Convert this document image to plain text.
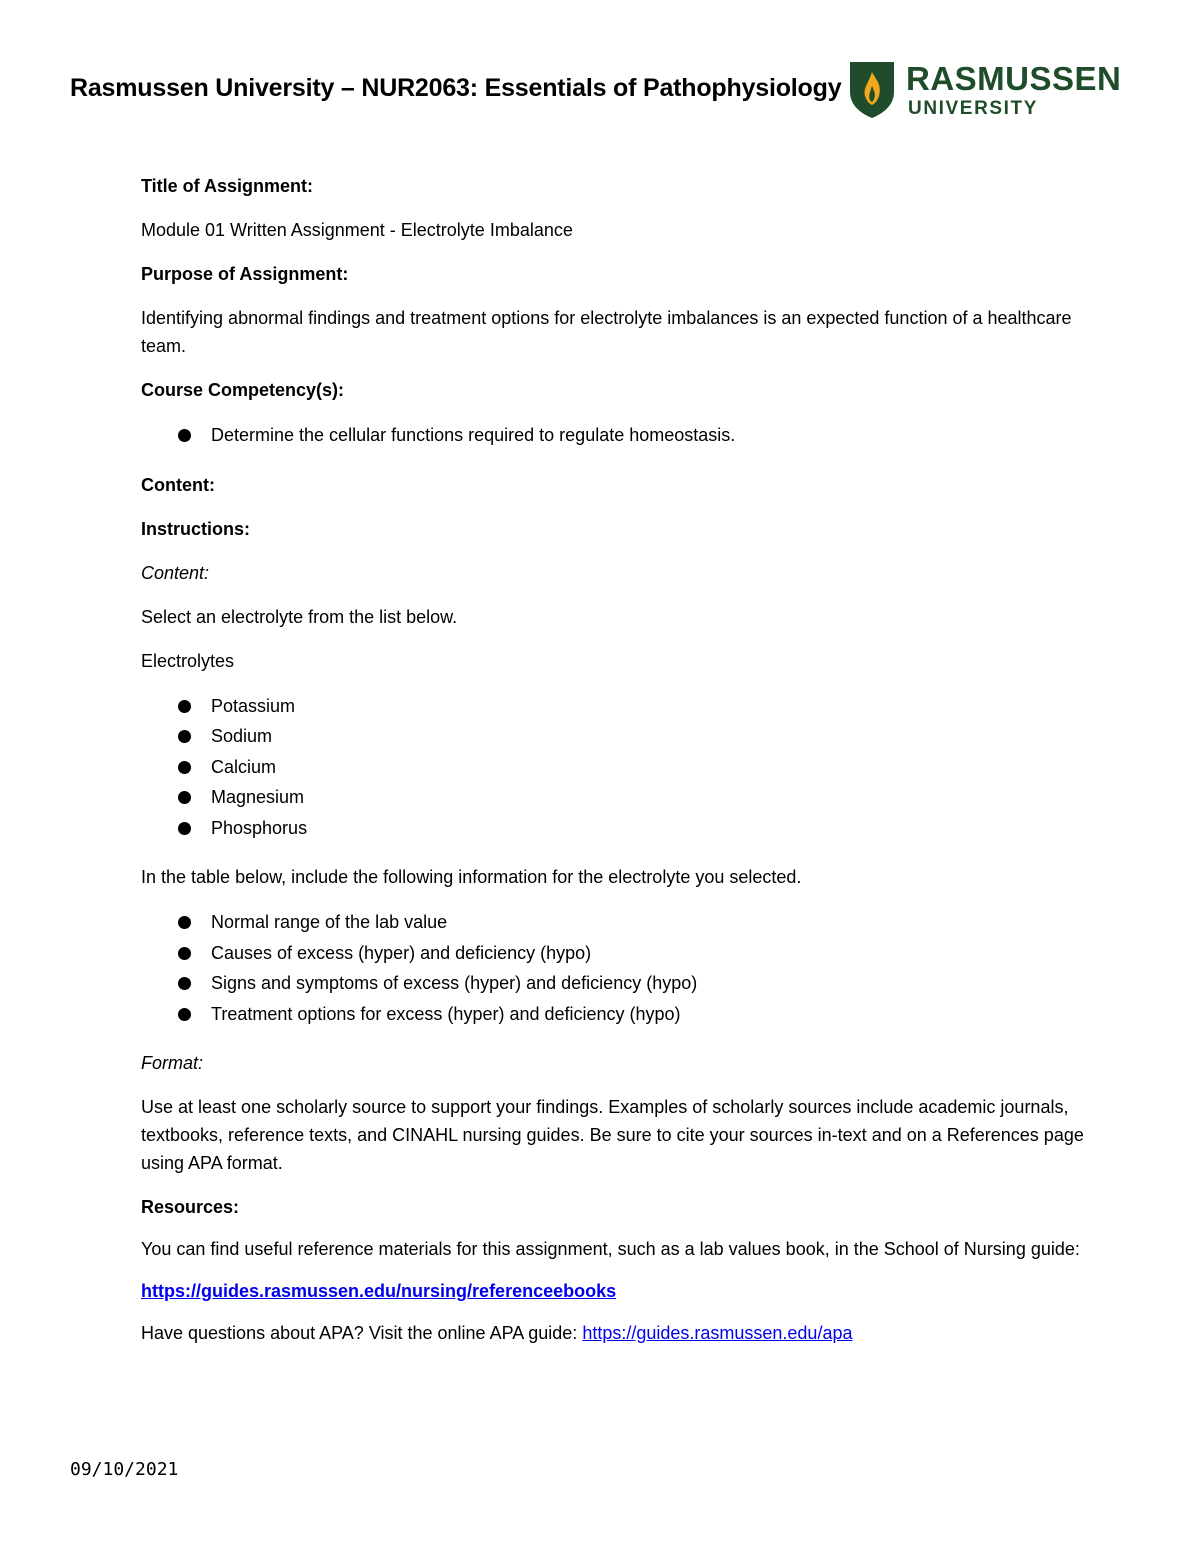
Rasmussen University – NUR2063: Essentials of Pathophysiology RASMUSSEN
UNIVERSITY

Title of Assignment:

Module 01 Written Assignment - Electrolyte Imbalance

Purpose of Assignment:

Identifying abnormal findings and treatment options for electrolyte imbalances is an expected function of a healthcare team.

Course Competency(s):

Determine the cellular functions required to regulate homeostasis.

Content:

Instructions:

Content:

Select an electrolyte from the list below.

Electrolytes

Potassium
Sodium
Calcium
Magnesium
Phosphorus

In the table below, include the following information for the electrolyte you selected.

Normal range of the lab value
Causes of excess (hyper) and deficiency (hypo)
Signs and symptoms of excess (hyper) and deficiency (hypo)
Treatment options for excess (hyper) and deficiency (hypo)

Format:

Use at least one scholarly source to support your findings. Examples of scholarly sources include academic journals, textbooks, reference texts, and CINAHL nursing guides. Be sure to cite your sources in-text and on a References page using APA format.

Resources:

You can find useful reference materials for this assignment, such as a lab values book, in the School of Nursing guide:

https://guides.rasmussen.edu/nursing/referenceebooks

Have questions about APA? Visit the online APA guide: https://guides.rasmussen.edu/apa

09/10/2021
